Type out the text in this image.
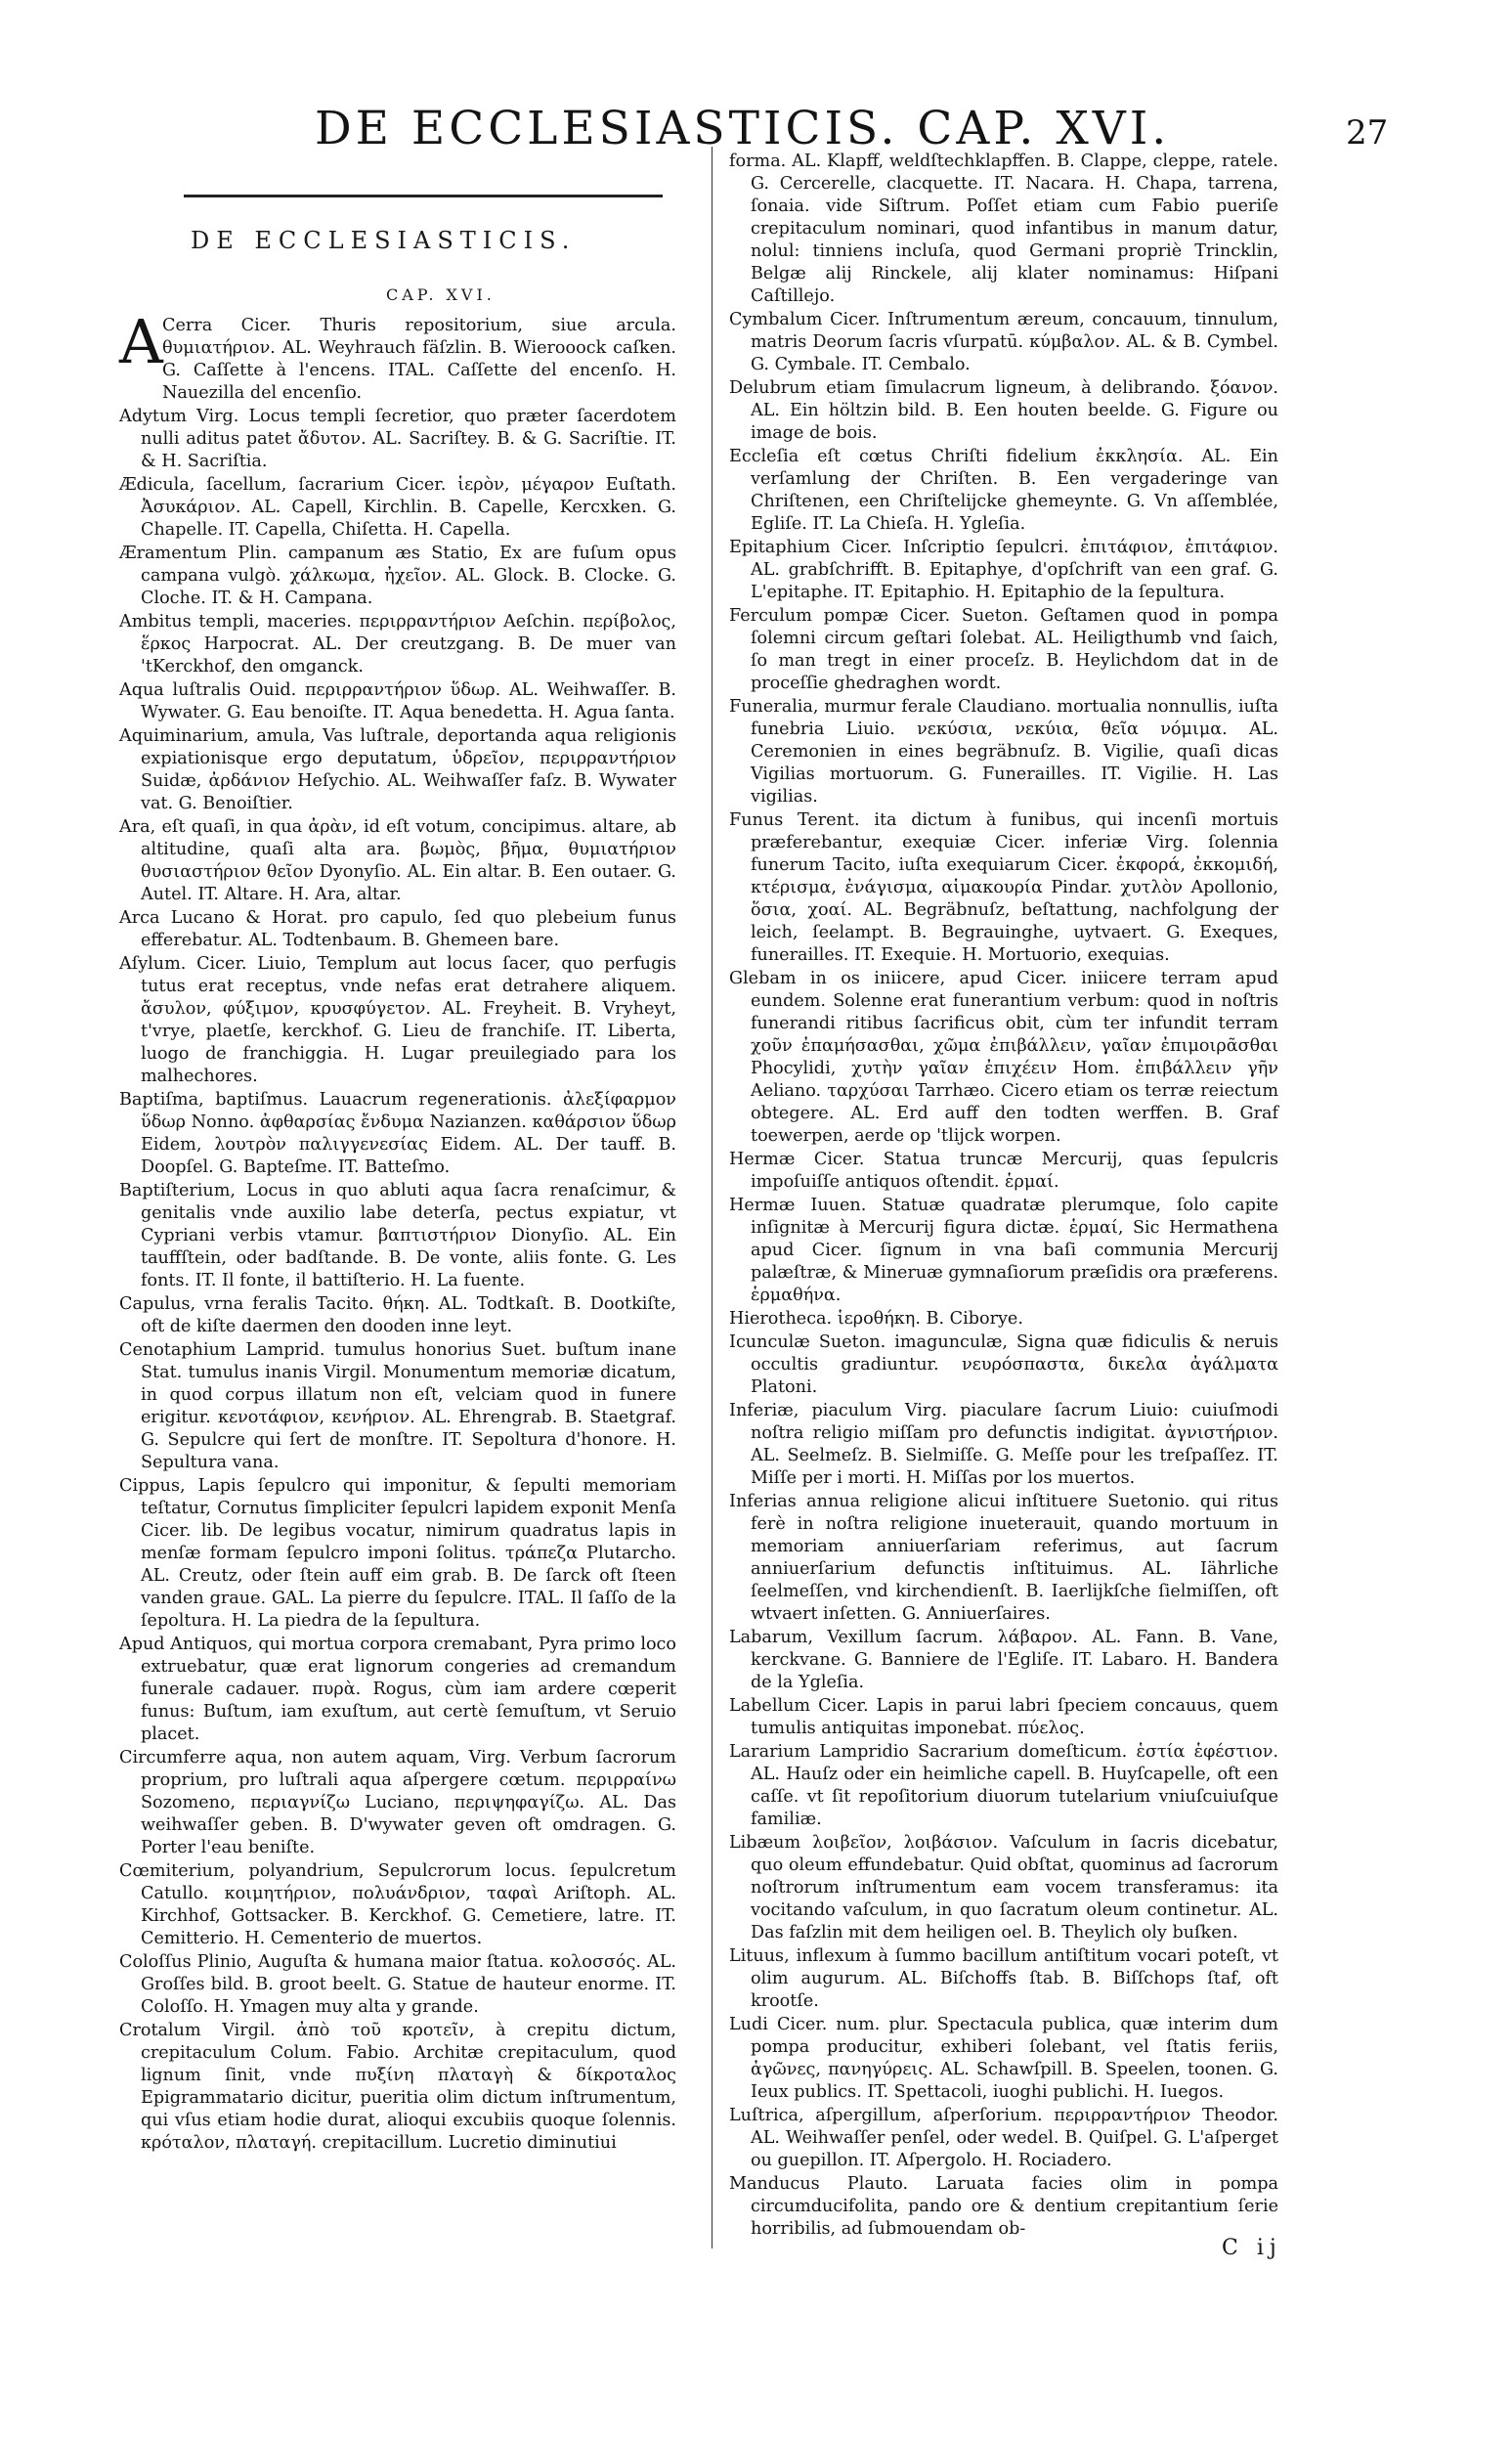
DE ECCLESIASTICIS. CAP. XVI.	27
DE ECCLESIASTICIS.
CAP. XVI.

A Cerra Cicer. Thuris repositorium, siue arcula. θυμιατήριον. AL. Weyhrauch fäſzlin. B. Wierooock caſken. G. Caſſette à l'encens. ITAL. Caſſette del encenſo. H. Nauezilla del encenſio.

Adytum Virg. Locus templi ſecretior, quo præter ſacerdotem nulli aditus patet ἄδυτον. AL. Sacriſtey. B. & G. Sacriſtie. IT. & H. Sacriſtia.

Ædicula, ſacellum, ſacrarium Cicer. ἱερὸν, μέγαρον Euſtath. Ἀσυκάριον. AL. Capell, Kirchlin. B. Capelle, Kercxken. G. Chapelle. IT. Capella, Chiſetta. H. Capella.

Æramentum Plin. campanum æs Statio, Ex are fuſum opus campana vulgò. χάλκωμα, ἠχεῖον. AL. Glock. B. Clocke. G. Cloche. IT. & H. Campana.

Ambitus templi, maceries. περιρραντήριον Aeſchin. περίβολος, ἕρκος Harpocrat. AL. Der creutzgang. B. De muer van 'tKerckhof, den omganck.

Aqua luſtralis Ouid. περιρραντήριον ὕδωρ. AL. Weihwaſſer. B. Wywater. G. Eau benoiſte. IT. Aqua benedetta. H. Agua ſanta.

Aquiminarium, amula, Vas luſtrale, deportanda aqua religionis expiationisque ergo deputatum, ὑδρεῖον, περιρραντήριον Suidæ, ἀρδάνιον Heſychio. AL. Weihwaſſer faſz. B. Wywater vat. G. Benoiſtier.

Ara, eſt quaſi, in qua ἀρὰν, id eſt votum, concipimus. altare, ab altitudine, quaſi alta ara. βωμὸς, βῆμα, θυμιατήριον θυσιαστήριον θεῖον Dyonyſio. AL. Ein altar. B. Een outaer. G. Autel. IT. Altare. H. Ara, altar.

Arca Lucano & Horat. pro capulo, ſed quo plebeium funus efferebatur. AL. Todtenbaum. B. Ghemeen bare.

Aſylum. Cicer. Liuio, Templum aut locus ſacer, quo perfugis tutus erat receptus, vnde nefas erat detrahere aliquem. ἄσυλον, φύξιμον, κρυσφύγετον. AL. Freyheit. B. Vryheyt, t'vrye, plaetſe, kerckhof. G. Lieu de franchiſe. IT. Liberta, luogo de franchiggia. H. Lugar preuilegiado para los malhechores.

Baptiſma, baptiſmus. Lauacrum regenerationis. ἀλεξίφαρμον ὕδωρ Nonno. ἀφθαρσίας ἔνδυμα Nazianzen. καθάρσιον ὕδωρ Eidem, λουτρὸν παλιγγενεσίας Eidem. AL. Der tauff. B. Doopſel. G. Bapteſme. IT. Batteſmo.

Baptiſterium, Locus in quo abluti aqua ſacra renaſcimur, & genitalis vnde auxilio labe deterſa, pectus expiatur, vt Cypriani verbis vtamur. βαπτιστήριον Dionyſio. AL. Ein tauffſtein, oder badſtande. B. De vonte, aliis fonte. G. Les fonts. IT. Il fonte, il battiſterio. H. La fuente.

Capulus, vrna feralis Tacito. θήκη. AL. Todtkaſt. B. Dootkiſte, oft de kiſte daermen den dooden inne leyt.

Cenotaphium Lamprid. tumulus honorius Suet. buſtum inane Stat. tumulus inanis Virgil. Monumentum memoriæ dicatum, in quod corpus illatum non eſt, velciam quod in funere erigitur. κενοτάφιον, κενήριον. AL. Ehrengrab. B. Staetgraf. G. Sepulcre qui ſert de monſtre. IT. Sepoltura d'honore. H. Sepultura vana.

Cippus, Lapis ſepulcro qui imponitur, & ſepulti memoriam teſtatur, Cornutus ſimpliciter ſepulcri lapidem exponit Menſa Cicer. lib. De legibus vocatur, nimirum quadratus lapis in menſæ formam ſepulcro imponi ſolitus. τράπεζα Plutarcho. AL. Creutz, oder ſtein auff eim grab. B. De ſarck oft ſteen vanden graue. GAL. La pierre du ſepulcre. ITAL. Il ſaſſo de la ſepoltura. H. La piedra de la ſepultura.

Apud Antiquos, qui mortua corpora cremabant, Pyra primo loco extruebatur, quæ erat lignorum congeries ad cremandum funerale cadauer. πυρὰ. Rogus, cùm iam ardere cœperit funus: Buſtum, iam exuſtum, aut certè ſemuſtum, vt Seruio placet.

Circumferre aqua, non autem aquam, Virg. Verbum ſacrorum proprium, pro luſtrali aqua aſpergere cœtum. περιρραίνω Sozomeno, περιαγνίζω Luciano, περιψηφαγίζω. AL. Das weihwaſſer geben. B. D'wywater geven oft omdragen. G. Porter l'eau beniſte.

Cœmiterium, polyandrium, Sepulcrorum locus. ſepulcretum Catullo. κοιμητήριον, πολυάνδριον, ταφαὶ Ariſtoph. AL. Kirchhof, Gottsacker. B. Kerckhof. G. Cemetiere, latre. IT. Cemitterio. H. Cementerio de muertos.

Coloſſus Plinio, Auguſta & humana maior ſtatua. κολοσσός. AL. Groſſes bild. B. groot beelt. G. Statue de hauteur enorme. IT. Coloſſo. H. Ymagen muy alta y grande.

Crotalum Virgil. ἀπὸ τοῦ κροτεῖν, à crepitu dictum, crepitaculum Colum. Fabio. Architæ crepitaculum, quod lignum ſinit, vnde πυξίνη πλαταγὴ & δίκροταλος Epigrammatario dicitur, pueritia olim dictum inſtrumentum, qui vſus etiam hodie durat, alioqui excubiis quoque ſolennis. κρόταλον, πλαταγή. crepitacillum. Lucretio diminutiui

forma. AL. Klapff, weldſtechklapffen. B. Clappe, cleppe, ratele. G. Cercerelle, clacquette. IT. Nacara. H. Chapa, tarrena, ſonaia. vide Siſtrum. Poſſet etiam cum Fabio pueriſe crepitaculum nominari, quod infantibus in manum datur, nolul: tinniens incluſa, quod Germani propriè Trincklin, Belgæ alij Rinckele, alij klater nominamus: Hiſpani Caſtillejo.

Cymbalum Cicer. Inſtrumentum æreum, concauum, tinnulum, matris Deorum ſacris vſurpatū. κύμβαλον. AL. & B. Cymbel. G. Cymbale. IT. Cembalo.

Delubrum etiam ſimulacrum ligneum, à delibrando. ξόανον. AL. Ein höltzin bild. B. Een houten beelde. G. Figure ou image de bois.

Eccleſia eſt cœtus Chriſti fidelium ἐκκλησία. AL. Ein verſamlung der Chriſten. B. Een vergaderinge van Chriſtenen, een Chriſtelijcke ghemeynte. G. Vn aſſemblée, Egliſe. IT. La Chieſa. H. Ygleſia.

Epitaphium Cicer. Inſcriptio ſepulcri. ἐπιτάφιον, ἐπιτάφιον. AL. grabſchrifft. B. Epitaphye, d'opſchrift van een graf. G. L'epitaphe. IT. Epitaphio. H. Epitaphio de la ſepultura.

Ferculum pompæ Cicer. Sueton. Geſtamen quod in pompa ſolemni circum geſtari ſolebat. AL. Heiligthumb vnd ſaich, ſo man tregt in einer proceſz. B. Heylichdom dat in de proceſſie ghedraghen wordt.

Funeralia, murmur ferale Claudiano. mortualia nonnullis, iuſta funebria Liuio. νεκύσια, νεκύια, θεῖα νόμιμα. AL. Ceremonien in eines begräbnuſz. B. Vigilie, quaſi dicas Vigilias mortuorum. G. Funerailles. IT. Vigilie. H. Las vigilias.

Funus Terent. ita dictum à funibus, qui incenſi mortuis præferebantur, exequiæ Cicer. inferiæ Virg. ſolennia funerum Tacito, iuſta exequiarum Cicer. ἐκφορά, ἐκκομιδή, κτέρισμα, ἐνάγισμα, αἱμακουρία Pindar. χυτλὸν Apollonio, ὅσια, χοαί. AL. Begräbnuſz, beſtattung, nachfolgung der leich, ſeelampt. B. Begrauinghe, uytvaert. G. Exeques, funerailles. IT. Exequie. H. Mortuorio, exequias.

Glebam in os iniicere, apud Cicer. iniicere terram apud eundem. Solenne erat funerantium verbum: quod in noſtris funerandi ritibus ſacrificus obit, cùm ter infundit terram χοῦν ἐπαμήσασθαι, χῶμα ἐπιβάλλειν, γαῖαν ἐπιμοιρᾶσθαι Phocylidi, χυτὴν γαῖαν ἐπιχέειν Hom. ἐπιβάλλειν γῆν Aeliano. ταρχύσαι Tarrhæo. Cicero etiam os terræ reiectum obtegere. AL. Erd auff den todten werffen. B. Graf toewerpen, aerde op 'tlijck worpen.

Hermæ Cicer. Statua truncæ Mercurij, quas ſepulcris impoſuiſſe antiquos oſtendit. ἑρμαί.

Hermæ Iuuen. Statuæ quadratæ plerumque, ſolo capite inſignitæ à Mercurij figura dictæ. ἑρμαί, Sic Hermathena apud Cicer. ſignum in vna baſi communia Mercurij palæſtræ, & Mineruæ gymnaſiorum præſidis ora præferens. ἑρμαθήνα.

Hierotheca. ἱεροθήκη. B. Ciborye.

Icunculæ Sueton. imagunculæ, Signa quæ fidiculis & neruis occultis gradiuntur. νευρόσπαστα, δικελα ἀγάλματα Platoni.

Inferiæ, piaculum Virg. piaculare ſacrum Liuio: cuiuſmodi noſtra religio miſſam pro defunctis indigitat. ἀγνιστήριον. AL. Seelmeſz. B. Sielmiſſe. G. Meſſe pour les treſpaſſez. IT. Miſſe per i morti. H. Miſſas por los muertos.

Inferias annua religione alicui inſtituere Suetonio. qui ritus ferè in noſtra religione inueterauit, quando mortuum in memoriam anniuerſariam referimus, aut ſacrum anniuerſarium defunctis inſtituimus. AL. Iährliche ſeelmeſſen, vnd kirchendienſt. B. Iaerlijkſche ſielmiſſen, oft wtvaert inſetten. G. Anniuerſaires.

Labarum, Vexillum ſacrum. λάβαρον. AL. Fann. B. Vane, kerckvane. G. Banniere de l'Egliſe. IT. Labaro. H. Bandera de la Ygleſia.

Labellum Cicer. Lapis in parui labri ſpeciem concauus, quem tumulis antiquitas imponebat. πύελος.

Lararium Lampridio Sacrarium domeſticum. ἑστία ἑφέστιον. AL. Hauſz oder ein heimliche capell. B. Huyſcapelle, oft een caſſe. vt ſit repoſitorium diuorum tutelarium vniuſcuiuſque familiæ.

Libæum λοιβεῖον, λοιβάσιον. Vaſculum in ſacris dicebatur, quo oleum effundebatur. Quid obſtat, quominus ad ſacrorum noſtrorum inſtrumentum eam vocem transferamus: ita vocitando vaſculum, in quo ſacratum oleum continetur. AL. Das faſzlin mit dem heiligen oel. B. Theylich oly buſken.

Lituus, inflexum à ſummo bacillum antiſtitum vocari poteſt, vt olim augurum. AL. Biſchoffs ſtab. B. Biſſchops ſtaf, oft krootſe.

Ludi Cicer. num. plur. Spectacula publica, quæ interim dum pompa producitur, exhiberi ſolebant, vel ſtatis feriis, ἀγῶνες, πανηγύρεις. AL. Schawſpill. B. Speelen, toonen. G. Ieux publics. IT. Spettacoli, iuoghi publichi. H. Iuegos.

Luſtrica, aſpergillum, aſperſorium. περιρραντήριον Theodor. AL. Weihwaſſer penſel, oder wedel. B. Quiſpel. G. L'aſperget ou guepillon. IT. Aſpergolo. H. Rociadero.

Manducus Plauto. Laruata facies olim in pompa circumducifolita, pando ore & dentium crepitantium ſerie horribilis, ad ſubmouendam ob-

C ij
